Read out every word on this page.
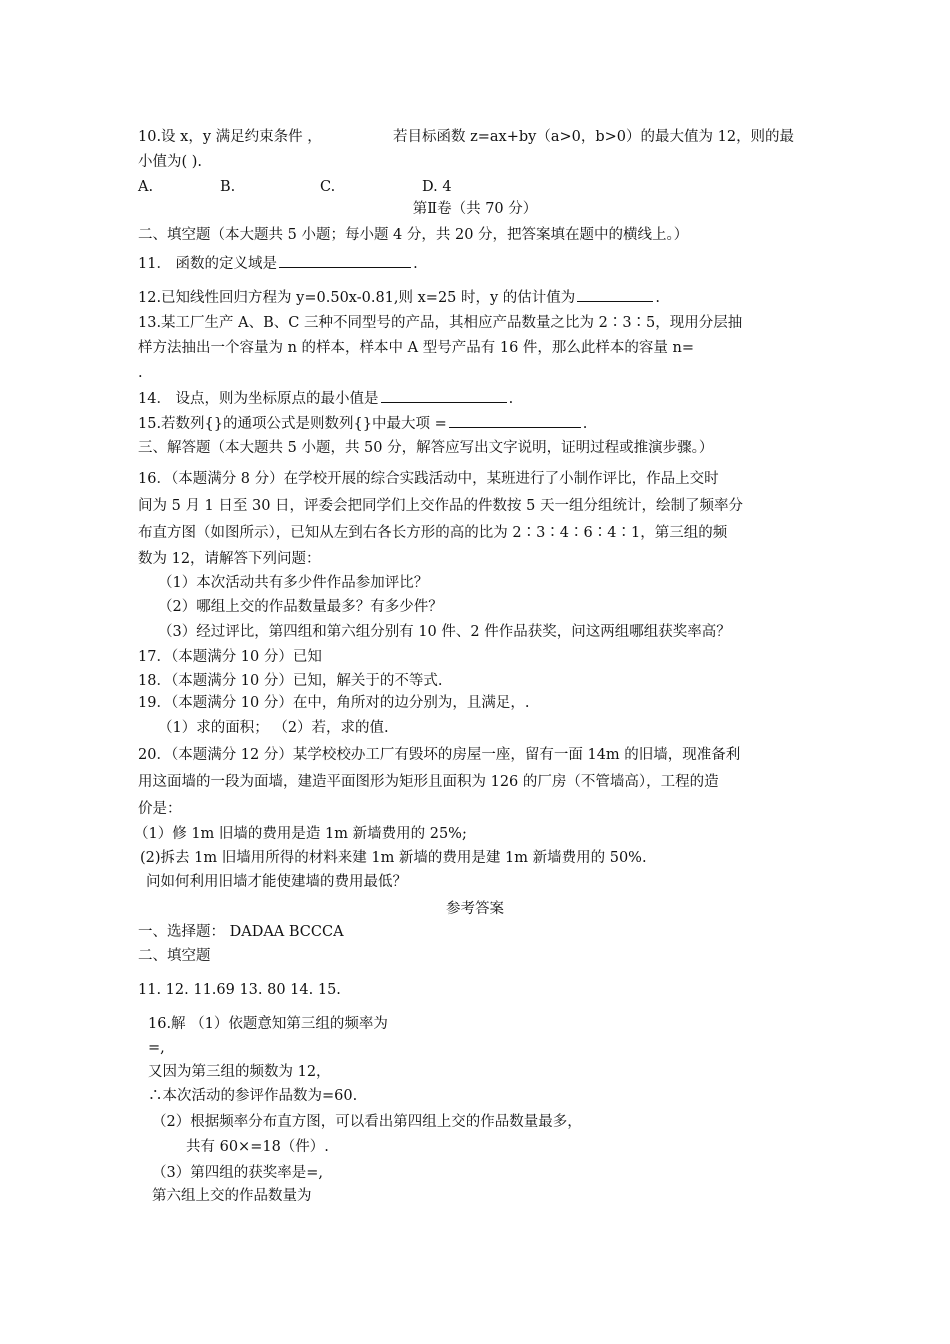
10.设 x，y 满足约束条件 ，	若目标函数 z=ax+by（a>0，b>0）的最大值为 12，则的最
小值为( ).
A.	B.	C.	D. 4
第Ⅱ卷（共 70 分）
二、填空题（本大题共 5 小题；每小题 4 分，共 20 分，把答案填在题中的横线上。）
11． 函数的定义域是	.
12.已知线性回归方程为 y=0.50x-0.81,则 x=25 时，y 的估计值为	.
13.某工厂生产 A、B、C 三种不同型号的产品，其相应产品数量之比为 2∶3∶5，现用分层抽
样方法抽出一个容量为 n 的样本，样本中 A 型号产品有 16 件，那么此样本的容量 n=
.
14． 设点，则为坐标原点的最小值是	.
15.若数列{}的通项公式是则数列{}中最大项 =	.
三、解答题（本大题共 5 小题，共 50 分，解答应写出文字说明，证明过程或推演步骤。）
16．（本题满分 8 分）在学校开展的综合实践活动中，某班进行了小制作评比，作品上交时
间为 5 月 1 日至 30 日，评委会把同学们上交作品的件数按 5 天一组分组统计，绘制了频率分
布直方图（如图所示），已知从左到右各长方形的高的比为 2∶3∶4∶6∶4∶1，第三组的频
数为 12，请解答下列问题：
（1）本次活动共有多少件作品参加评比？
（2）哪组上交的作品数量最多？有多少件？
（3）经过评比，第四组和第六组分别有 10 件、2 件作品获奖，问这两组哪组获奖率高？
17．（本题满分 10 分）已知
18．（本题满分 10 分）已知，解关于的不等式.
19．（本题满分 10 分）在中，角所对的边分别为，且满足，.
（1）求的面积； （2）若，求的值.
20．（本题满分 12 分）某学校校办工厂有毁坏的房屋一座，留有一面 14m 的旧墙，现准备利
用这面墙的一段为面墙，建造平面图形为矩形且面积为 126 的厂房（不管墙高），工程的造
价是：
（1）修 1m 旧墙的费用是造 1m 新墙费用的 25%;
(2)拆去 1m 旧墙用所得的材料来建 1m 新墙的费用是建 1m 新墙费用的 50%.
问如何利用旧墙才能使建墙的费用最低？
参考答案
一、选择题： DADAA BCCCA
二、填空题
11. 12. 11.69 13. 80 14. 15.
16.解 （1）依题意知第三组的频率为
=,
又因为第三组的频数为 12，
∴本次活动的参评作品数为=60.
（2）根据频率分布直方图，可以看出第四组上交的作品数量最多，
共有 60×=18（件）.
（3）第四组的获奖率是=,
第六组上交的作品数量为
